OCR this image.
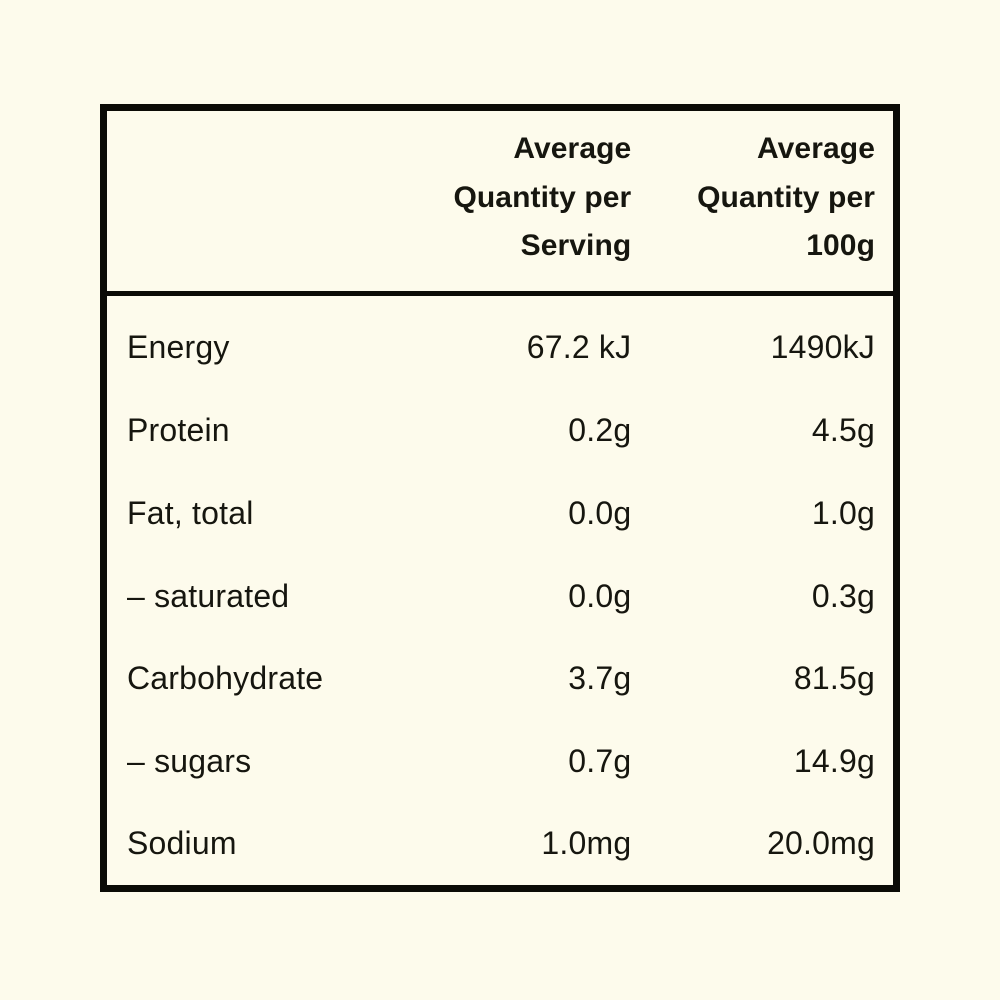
	Average Quantity per Serving	Average Quantity per 100g
Energy	67.2 kJ	1490kJ
Protein	0.2g	4.5g
Fat, total	0.0g	1.0g
– saturated	0.0g	0.3g
Carbohydrate	3.7g	81.5g
– sugars	0.7g	14.9g
Sodium	1.0mg	20.0mg
